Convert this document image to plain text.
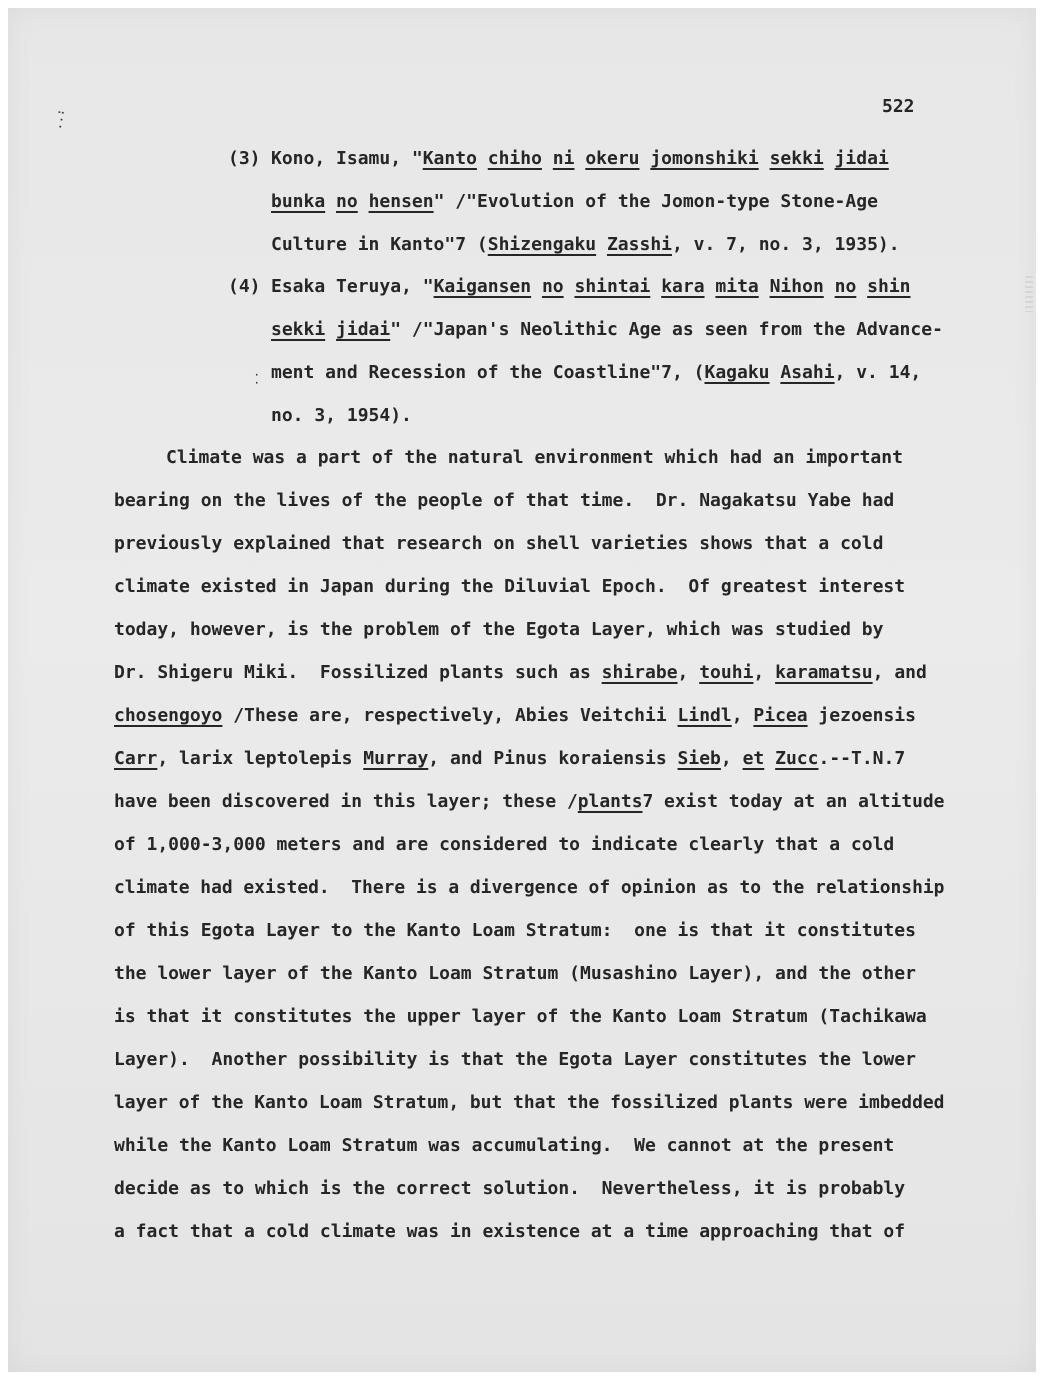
..:
·
·
522
(3) Kono, Isamu, "Kanto chiho ni okeru jomonshiki sekki jidai
bunka no hensen" /"Evolution of the Jomon-type Stone-Age
Culture in Kanto"7 (Shizengaku Zasshi, v. 7, no. 3, 1935).
(4) Esaka Teruya, "Kaigansen no shintai kara mita Nihon no shin
sekki jidai" /"Japan's Neolithic Age as seen from the Advance-
ment and Recession of the Coastline"7, (Kagaku Asahi, v. 14,
no. 3, 1954).
Climate was a part of the natural environment which had an important
bearing on the lives of the people of that time.  Dr. Nagakatsu Yabe had
previously explained that research on shell varieties shows that a cold
climate existed in Japan during the Diluvial Epoch.  Of greatest interest
today, however, is the problem of the Egota Layer, which was studied by
Dr. Shigeru Miki.  Fossilized plants such as shirabe, touhi, karamatsu, and
chosengoyo /These are, respectively, Abies Veitchii Lindl, Picea jezoensis
Carr, larix leptolepis Murray, and Pinus koraiensis Sieb, et Zucc.--T.N.7
have been discovered in this layer; these /plants7 exist today at an altitude
of 1,000-3,000 meters and are considered to indicate clearly that a cold
climate had existed.  There is a divergence of opinion as to the relationship
of this Egota Layer to the Kanto Loam Stratum:  one is that it constitutes
the lower layer of the Kanto Loam Stratum (Musashino Layer), and the other
is that it constitutes the upper layer of the Kanto Loam Stratum (Tachikawa
Layer).  Another possibility is that the Egota Layer constitutes the lower
layer of the Kanto Loam Stratum, but that the fossilized plants were imbedded
while the Kanto Loam Stratum was accumulating.  We cannot at the present
decide as to which is the correct solution.  Nevertheless, it is probably
a fact that a cold climate was in existence at a time approaching that of
